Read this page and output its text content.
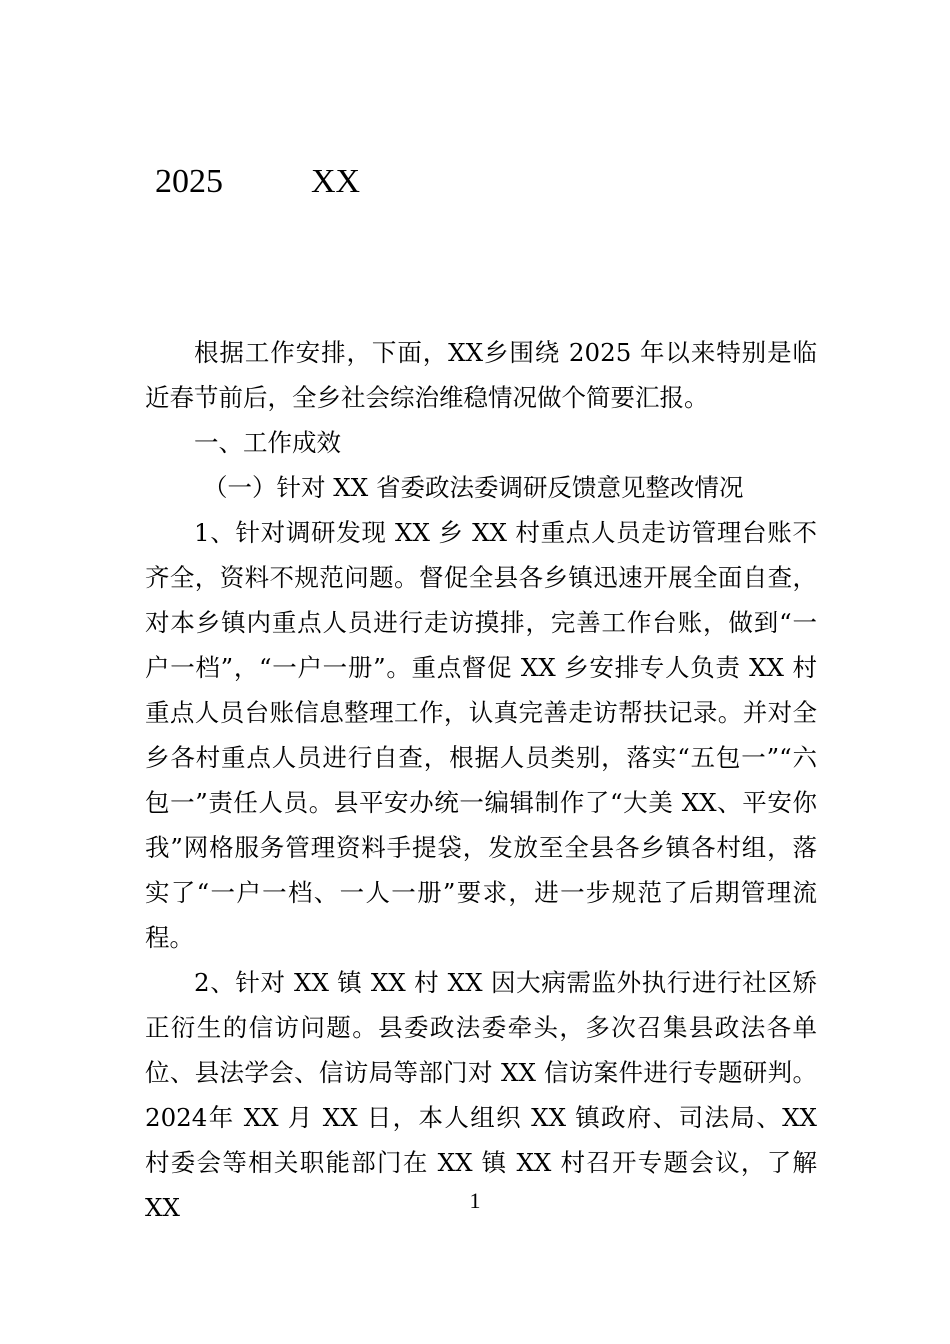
2025	XX

根据工作安排，下面，XX乡围绕 2025 年以来特别是临近春节前后，全乡社会综治维稳情况做个简要汇报。

一、工作成效

（一）针对 XX 省委政法委调研反馈意见整改情况

1、针对调研发现 XX 乡 XX 村重点人员走访管理台账不齐全，资料不规范问题。督促全县各乡镇迅速开展全面自查，对本乡镇内重点人员进行走访摸排，完善工作台账，做到“一户一档”，“一户一册”。重点督促 XX 乡安排专人负责 XX 村重点人员台账信息整理工作，认真完善走访帮扶记录。并对全乡各村重点人员进行自查，根据人员类别，落实“五包一”“六包一”责任人员。县平安办统一编辑制作了“大美 XX、平安你我”网格服务管理资料手提袋，发放至全县各乡镇各村组，落实了“一户一档、一人一册”要求，进一步规范了后期管理流程。

2、针对 XX 镇 XX 村 XX 因大病需监外执行进行社区矫正衍生的信访问题。县委政法委牵头，多次召集县政法各单位、县法学会、信访局等部门对 XX 信访案件进行专题研判。2024年 XX 月 XX 日，本人组织 XX 镇政府、司法局、XX 村委会等相关职能部门在 XX 镇 XX 村召开专题会议，了解 XX	1
